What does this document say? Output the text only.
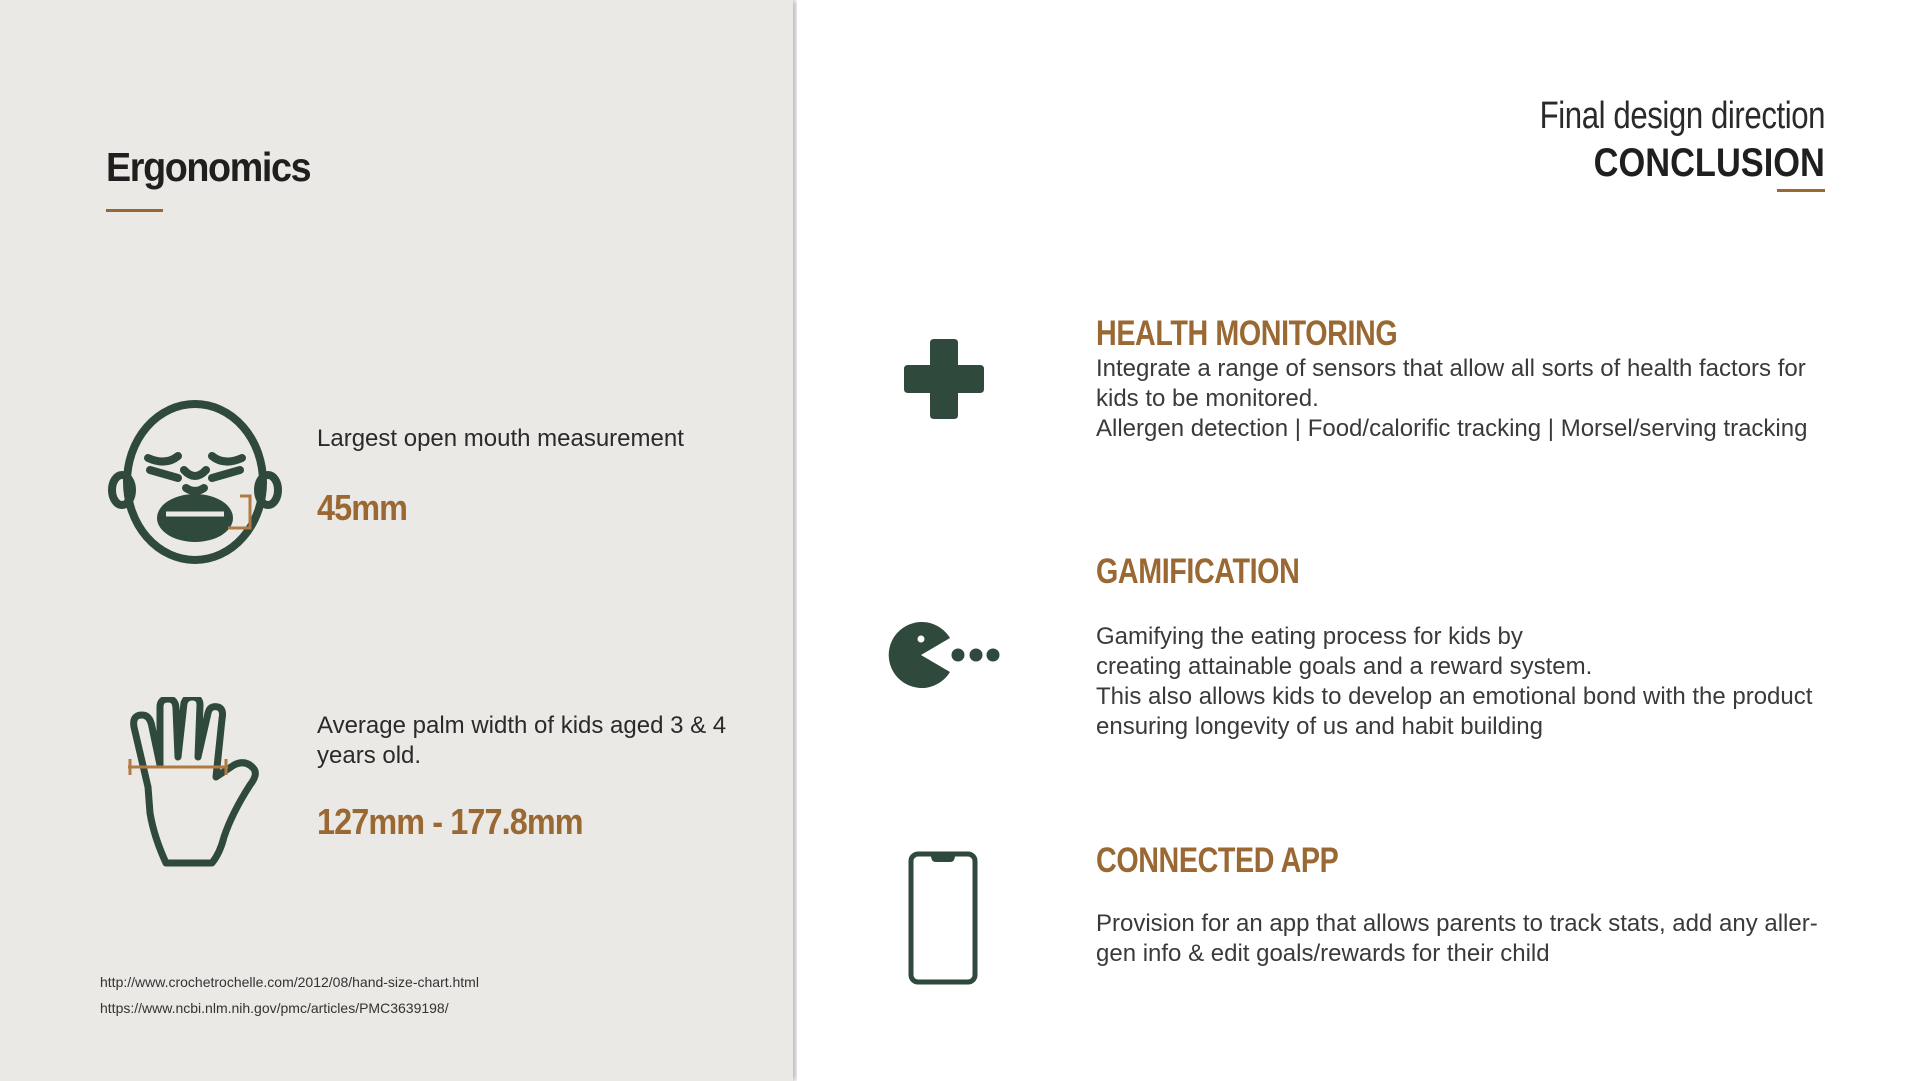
Ergonomics
Largest open mouth measurement
45mm
Average palm width of kids aged 3 & 4 years old.
127mm - 177.8mm
http://www.crochetrochelle.com/2012/08/hand-size-chart.html
https://www.ncbi.nlm.nih.gov/pmc/articles/PMC3639198/
Final design direction
CONCLUSION
HEALTH MONITORING

Integrate a range of sensors that allow all sorts of health factors for kids to be monitored.

Allergen detection | Food/calorific tracking | Morsel/serving tracking

GAMIFICATION

Gamifying the eating process for kids by

creating attainable goals and a reward system.

This also allows kids to develop an emotional bond with the product ensuring longevity of us and habit building

CONNECTED APP

Provision for an app that allows parents to track stats, add any aller-gen info & edit goals/rewards for their child
